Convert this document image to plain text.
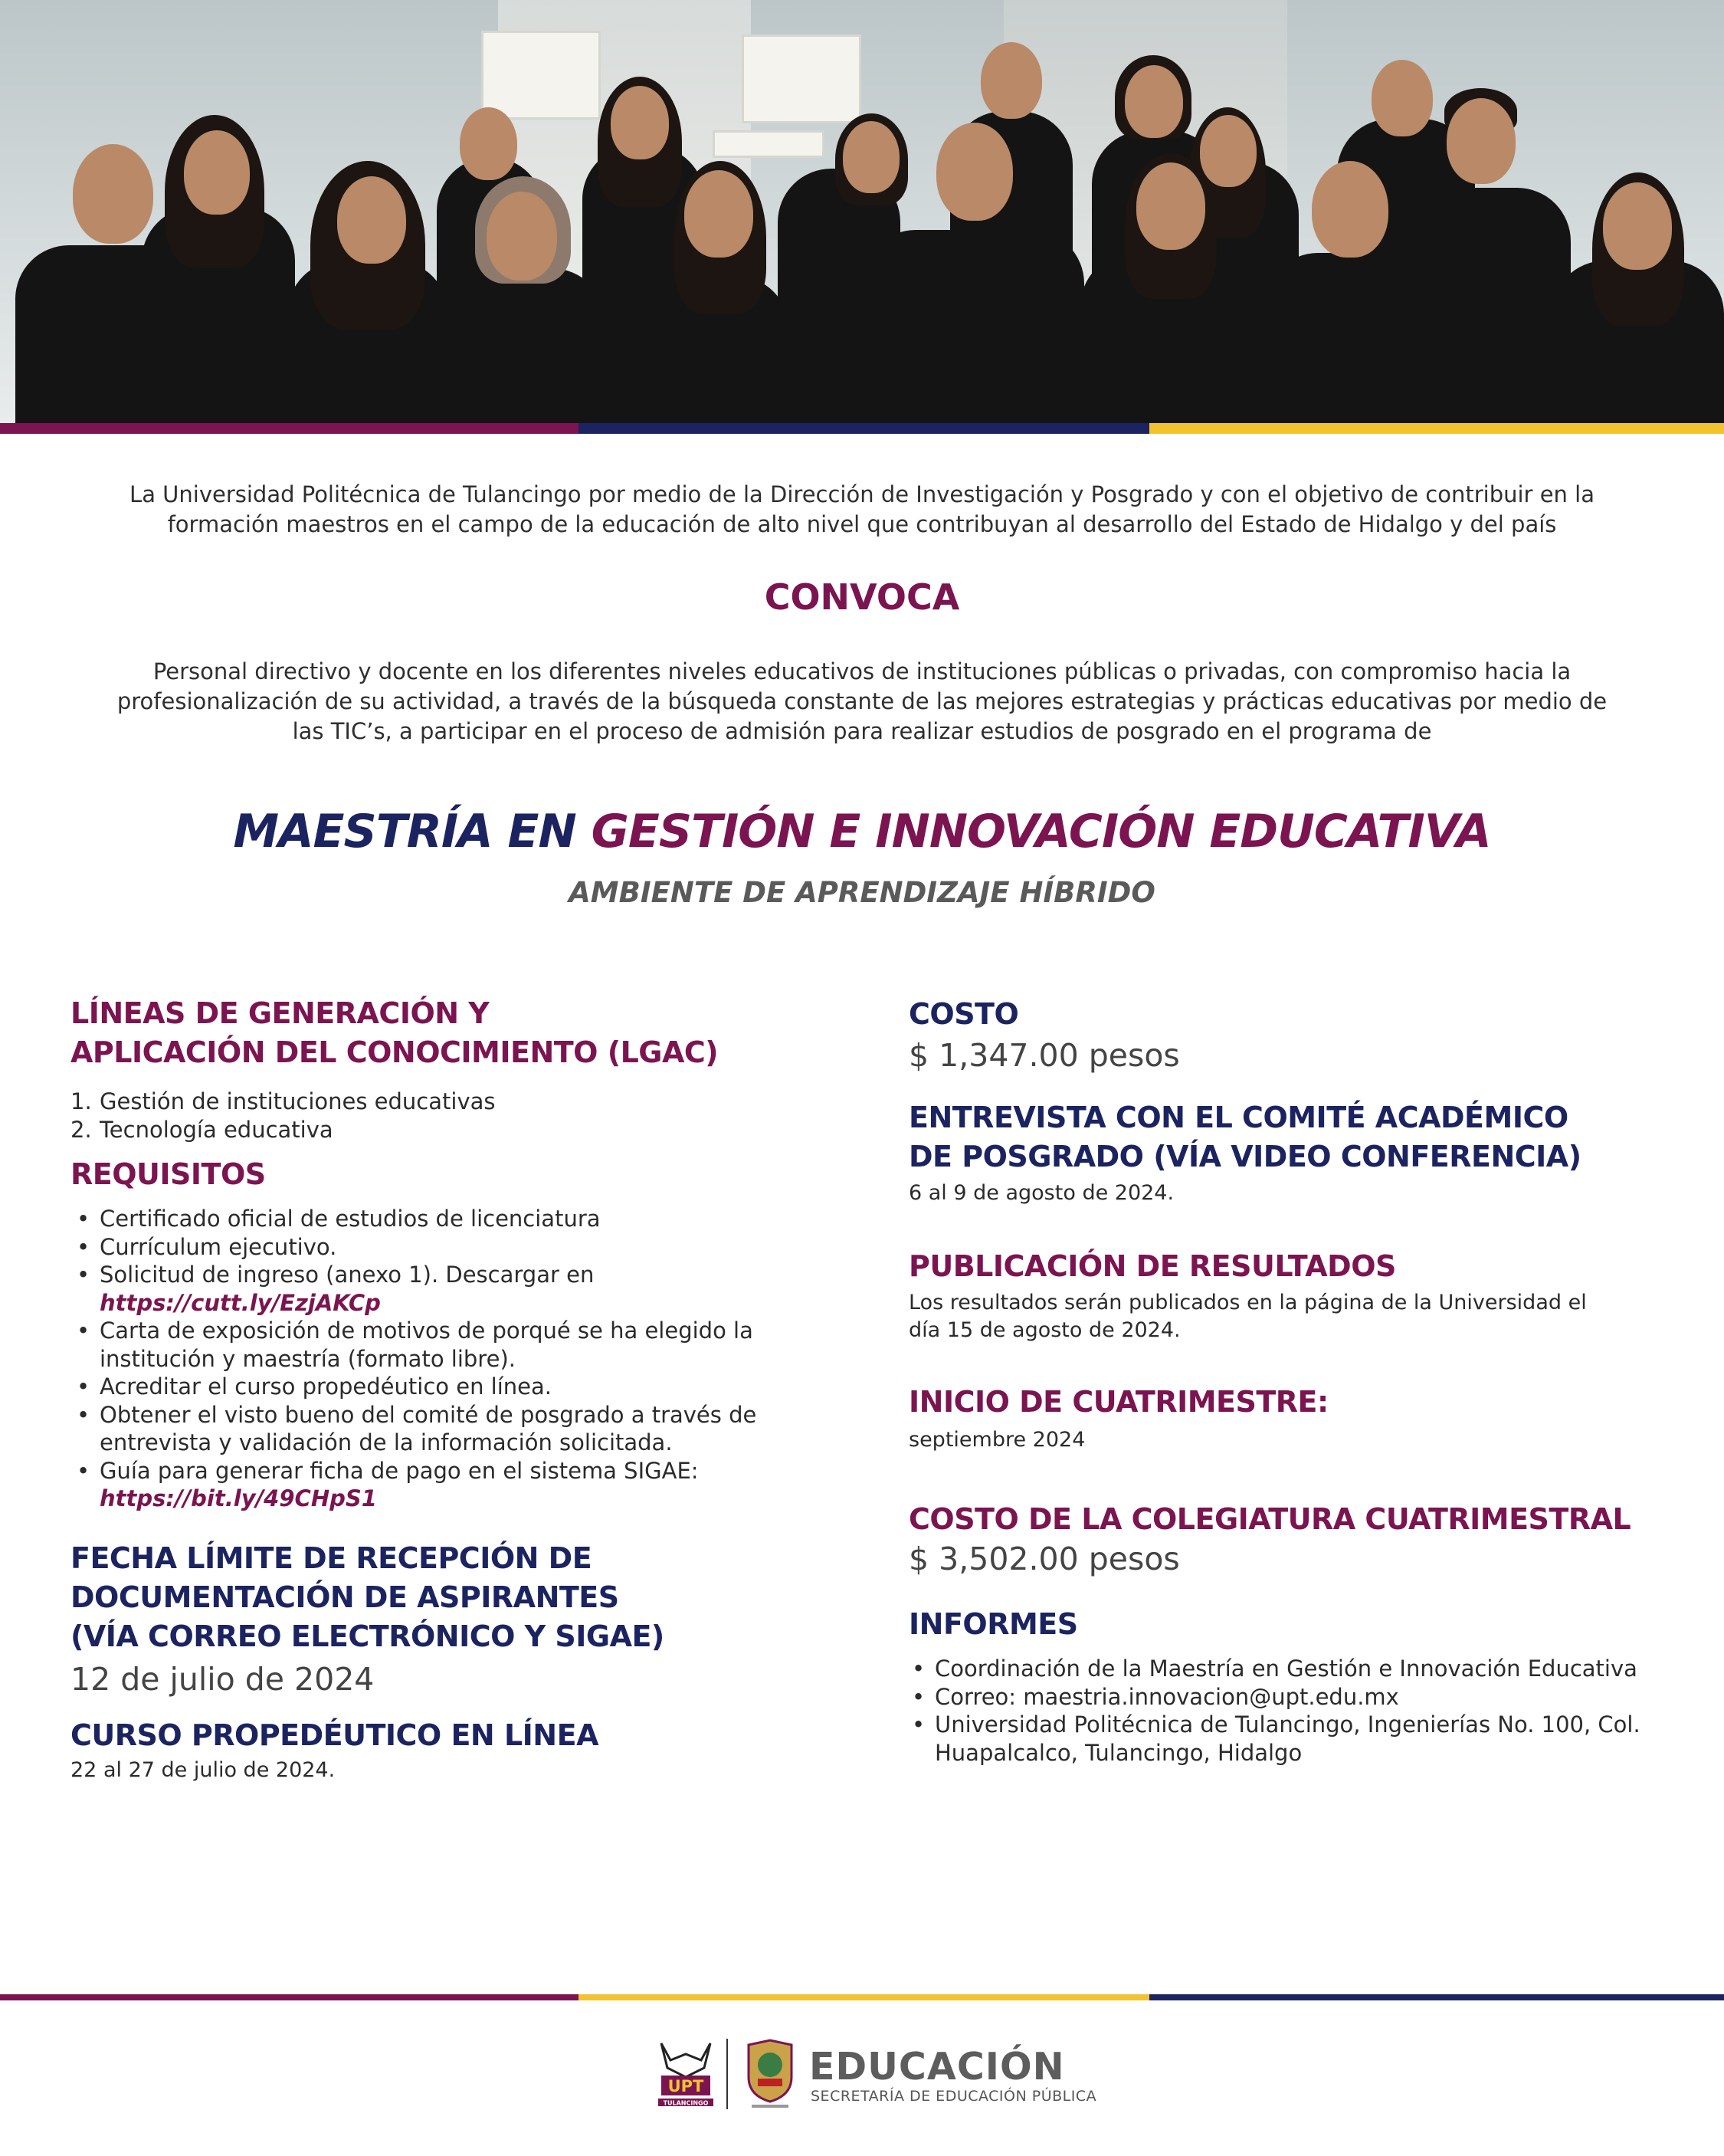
La Universidad Politécnica de Tulancingo por medio de la Dirección de Investigación y Posgrado y con el objetivo de contribuir en la
formación maestros en el campo de la educación de alto nivel que contribuyan al desarrollo del Estado de Hidalgo y del país
CONVOCA
Personal directivo y docente en los diferentes niveles educativos de instituciones públicas o privadas, con compromiso hacia la
profesionalización de su actividad, a través de la búsqueda constante de las mejores estrategias y prácticas educativas por medio de
las TIC’s, a participar en el proceso de admisión para realizar estudios de posgrado en el programa de
MAESTRÍA EN GESTIÓN E INNOVACIÓN EDUCATIVA
AMBIENTE DE APRENDIZAJE HÍBRIDO
LÍNEAS DE GENERACIÓN Y
APLICACIÓN DEL CONOCIMIENTO (LGAC)
1. Gestión de instituciones educativas
2. Tecnología educativa
REQUISITOS
• Certificado oficial de estudios de licenciatura
• Currículum ejecutivo.
• Solicitud de ingreso (anexo 1). Descargar en
https://cutt.ly/EzjAKCp
• Carta de exposición de motivos de porqué se ha elegido la
institución y maestría (formato libre).
• Acreditar el curso propedéutico en línea.
• Obtener el visto bueno del comité de posgrado a través de
entrevista y validación de la información solicitada.
• Guía para generar ficha de pago en el sistema SIGAE:
https://bit.ly/49CHpS1
FECHA LÍMITE DE RECEPCIÓN DE
DOCUMENTACIÓN DE ASPIRANTES
(VÍA CORREO ELECTRÓNICO Y SIGAE)
12 de julio de 2024
CURSO PROPEDÉUTICO EN LÍNEA
22 al 27 de julio de 2024.
COSTO
$ 1,347.00 pesos
ENTREVISTA CON EL COMITÉ ACADÉMICO
DE POSGRADO (VÍA VIDEO CONFERENCIA)
6 al 9 de agosto de 2024.
PUBLICACIÓN DE RESULTADOS
Los resultados serán publicados en la página de la Universidad el
día 15 de agosto de 2024.
INICIO DE CUATRIMESTRE:
septiembre 2024
COSTO DE LA COLEGIATURA CUATRIMESTRAL
$ 3,502.00 pesos
INFORMES
• Coordinación de la Maestría en Gestión e Innovación Educativa
• Correo: maestria.innovacion@upt.edu.mx
• Universidad Politécnica de Tulancingo, Ingenierías No. 100, Col.
Huapalcalco, Tulancingo, Hidalgo
UPT
TULANCINGO
EDUCACIÓN
SECRETARÍA DE EDUCACIÓN PÚBLICA
